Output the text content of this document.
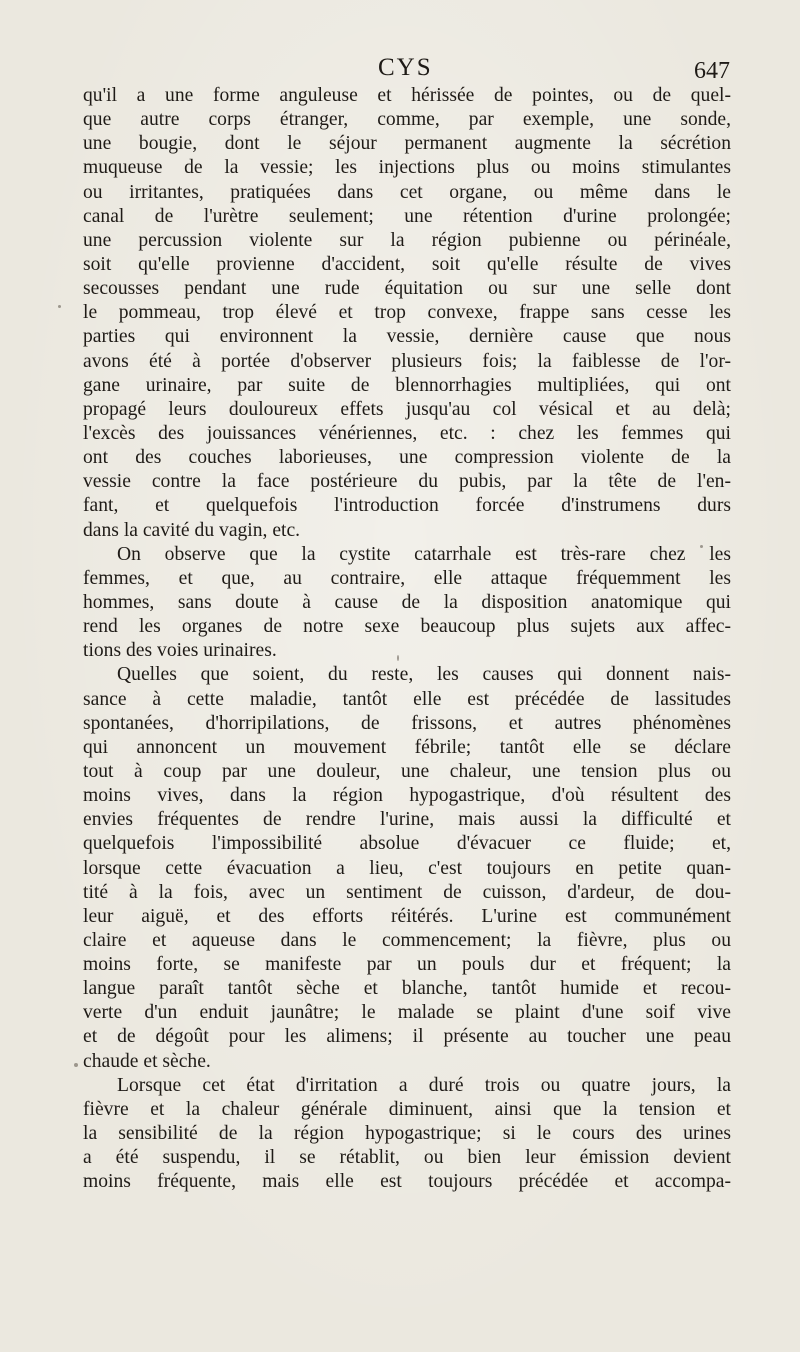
CYS	647
qu'il a une forme anguleuse et hérissée de pointes, ou de quel-
que autre corps étranger, comme, par exemple, une sonde,
une bougie, dont le séjour permanent augmente la sécrétion
muqueuse de la vessie; les injections plus ou moins stimulantes
ou irritantes, pratiquées dans cet organe, ou même dans le
canal de l'urètre seulement; une rétention d'urine prolongée;
une percussion violente sur la région pubienne ou périnéale,
soit qu'elle provienne d'accident, soit qu'elle résulte de vives
secousses pendant une rude équitation ou sur une selle dont
le pommeau, trop élevé et trop convexe, frappe sans cesse les
parties qui environnent la vessie, dernière cause que nous
avons été à portée d'observer plusieurs fois; la faiblesse de l'or-
gane urinaire, par suite de blennorrhagies multipliées, qui ont
propagé leurs douloureux effets jusqu'au col vésical et au delà;
l'excès des jouissances vénériennes, etc. : chez les femmes qui
ont des couches laborieuses, une compression violente de la
vessie contre la face postérieure du pubis, par la tête de l'en-
fant, et quelquefois l'introduction forcée d'instrumens durs
dans la cavité du vagin, etc.
On observe que la cystite catarrhale est très-rare chez les
femmes, et que, au contraire, elle attaque fréquemment les
hommes, sans doute à cause de la disposition anatomique qui
rend les organes de notre sexe beaucoup plus sujets aux affec-
tions des voies urinaires.
Quelles que soient, du reste, les causes qui donnent nais-
sance à cette maladie, tantôt elle est précédée de lassitudes
spontanées, d'horripilations, de frissons, et autres phénomènes
qui annoncent un mouvement fébrile; tantôt elle se déclare
tout à coup par une douleur, une chaleur, une tension plus ou
moins vives, dans la région hypogastrique, d'où résultent des
envies fréquentes de rendre l'urine, mais aussi la difficulté et
quelquefois l'impossibilité absolue d'évacuer ce fluide; et,
lorsque cette évacuation a lieu, c'est toujours en petite quan-
tité à la fois, avec un sentiment de cuisson, d'ardeur, de dou-
leur aiguë, et des efforts réitérés. L'urine est communément
claire et aqueuse dans le commencement; la fièvre, plus ou
moins forte, se manifeste par un pouls dur et fréquent; la
langue paraît tantôt sèche et blanche, tantôt humide et recou-
verte d'un enduit jaunâtre; le malade se plaint d'une soif vive
et de dégoût pour les alimens; il présente au toucher une peau
chaude et sèche.
Lorsque cet état d'irritation a duré trois ou quatre jours, la
fièvre et la chaleur générale diminuent, ainsi que la tension et
la sensibilité de la région hypogastrique; si le cours des urines
a été suspendu, il se rétablit, ou bien leur émission devient
moins fréquente, mais elle est toujours précédée et accompa-
